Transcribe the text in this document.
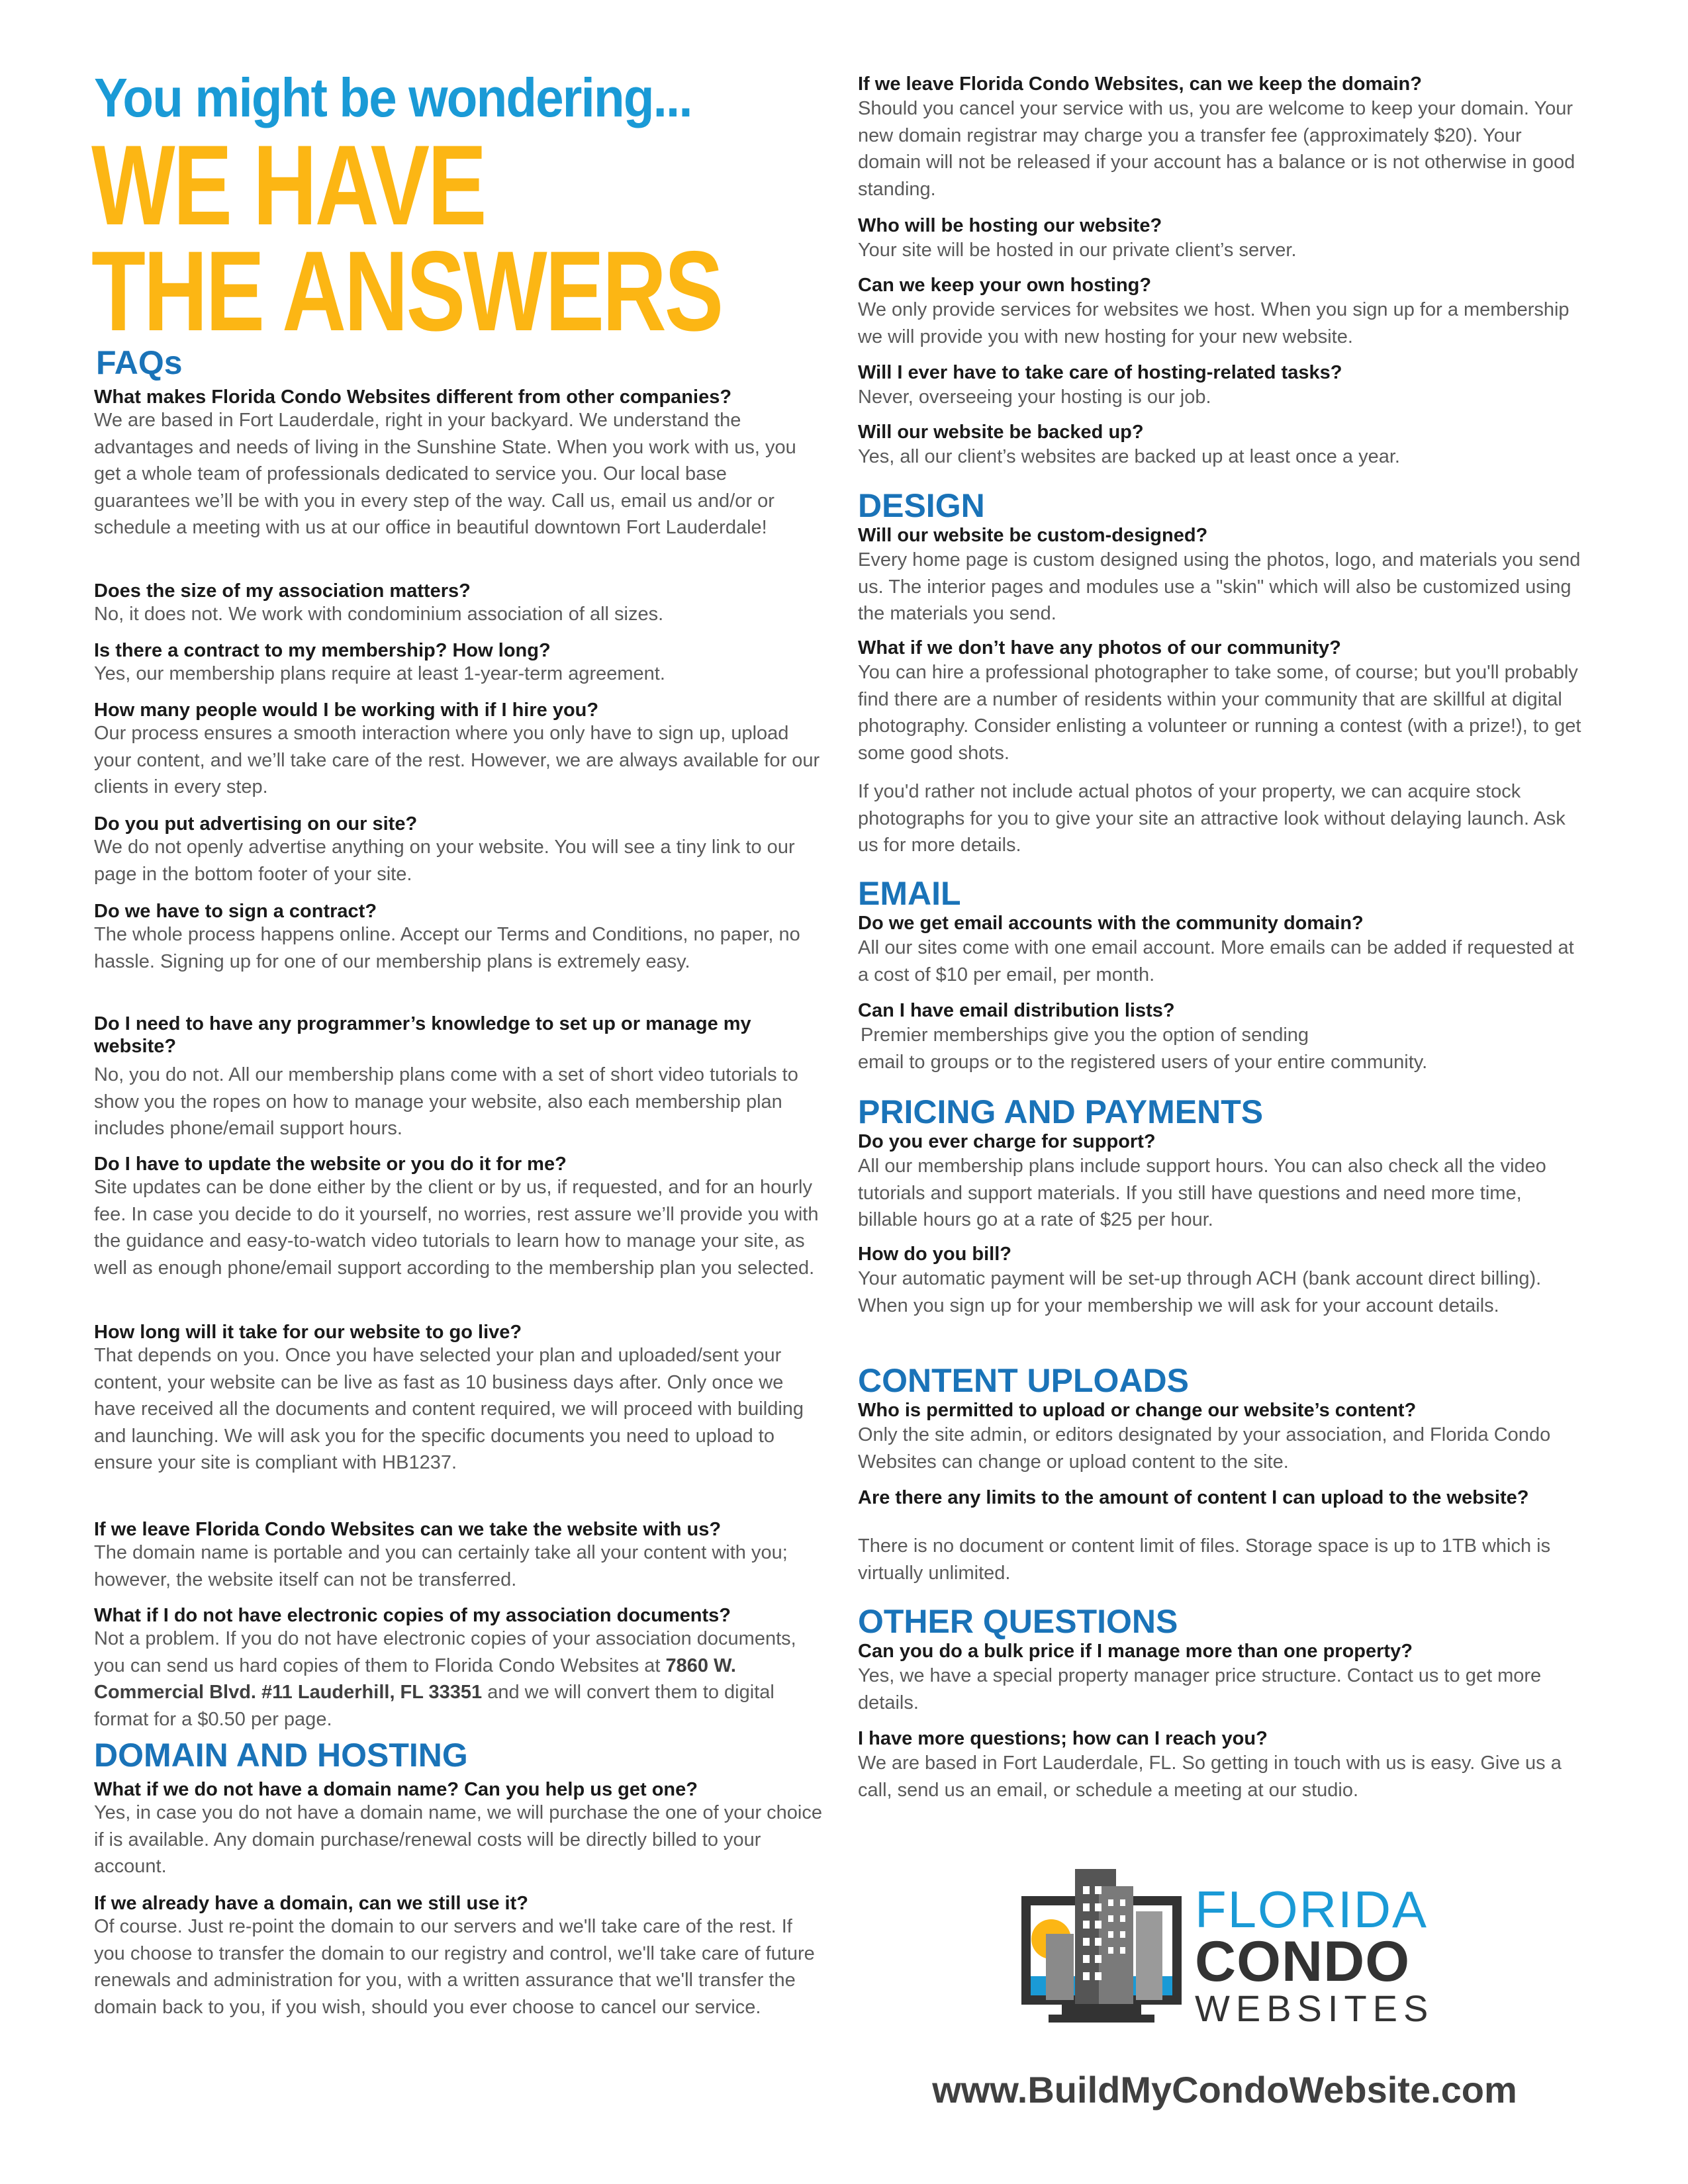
You might be wondering...
WE HAVE
THE ANSWERS
FAQs
What makes Florida Condo Websites different from other companies?
We are based in Fort Lauderdale, right in your backyard. We understand the advantages and needs of living in the Sunshine State. When you work with us, you get a whole team of professionals dedicated to service you. Our local base guarantees we’ll be with you in every step of the way. Call us, email us and/or or schedule a meeting with us at our office in beautiful downtown Fort Lauderdale!
Does the size of my association matters?
No, it does not. We work with condominium association of all sizes.
Is there a contract to my membership? How long?
Yes, our membership plans require at least 1-year-term agreement.
How many people would I be working with if I hire you?
Our process ensures a smooth interaction where you only have to sign up, upload your content, and we’ll take care of the rest. However, we are always available for our clients in every step.
Do you put advertising on our site?
We do not openly advertise anything on your website. You will see a tiny link to our page in the bottom footer of your site.
Do we have to sign a contract?
The whole process happens online. Accept our Terms and Conditions, no paper, no hassle. Signing up for one of our membership plans is extremely easy.
Do I need to have any programmer’s knowledge to set up or manage my website?
No, you do not. All our membership plans come with a set of short video tutorials to show you the ropes on how to manage your website, also each membership plan includes phone/email support hours.
Do I have to update the website or you do it for me?
Site updates can be done either by the client or by us, if requested, and for an hourly fee. In case you decide to do it yourself, no worries, rest assure we’ll provide you with the guidance and easy-to-watch video tutorials to learn how to manage your site, as well as enough phone/email support according to the membership plan you selected.
How long will it take for our website to go live?
That depends on you. Once you have selected your plan and uploaded/sent your content, your website can be live as fast as 10 business days after. Only once we have received all the documents and content required, we will proceed with building and launching. We will ask you for the specific documents you need to upload to ensure your site is compliant with HB1237.
If we leave Florida Condo Websites can we take the website with us?
The domain name is portable and you can certainly take all your content with you; however, the website itself can not be transferred.
What if I do not have electronic copies of my association documents?
Not a problem. If you do not have electronic copies of your association documents, you can send us hard copies of them to Florida Condo Websites at 7860 W. Commercial Blvd. #11 Lauderhill, FL 33351 and we will convert them to digital format for a $0.50 per page.
DOMAIN AND HOSTING
What if we do not have a domain name? Can you help us get one?
Yes, in case you do not have a domain name, we will purchase the one of your choice if is available. Any domain purchase/renewal costs will be directly billed to your account.
If we already have a domain, can we still use it?
Of course. Just re-point the domain to our servers and we'll take care of the rest. If you choose to transfer the domain to our registry and control, we'll take care of future renewals and administration for you, with a written assurance that we'll transfer the domain back to you, if you wish, should you ever choose to cancel our service.
If we leave Florida Condo Websites, can we keep the domain?
Should you cancel your service with us, you are welcome to keep your domain. Your new domain registrar may charge you a transfer fee (approximately $20). Your domain will not be released if your account has a balance or is not otherwise in good standing.
Who will be hosting our website?
Your site will be hosted in our private client’s server.
Can we keep your own hosting?
We only provide services for websites we host. When you sign up for a membership we will provide you with new hosting for your new website.
Will I ever have to take care of hosting-related tasks?
Never, overseeing your hosting is our job.
Will our website be backed up?
Yes, all our client’s websites are backed up at least once a year.
DESIGN
Will our website be custom-designed?
Every home page is custom designed using the photos, logo, and materials you send us. The interior pages and modules use a "skin" which will also be customized using the materials you send.
What if we don’t have any photos of our community?
You can hire a professional photographer to take some, of course; but you'll probably find there are a number of residents within your community that are skillful at digital photography. Consider enlisting a volunteer or running a contest (with a prize!), to get some good shots.
If you'd rather not include actual photos of your property, we can acquire stock photographs for you to give your site an attractive look without delaying launch. Ask us for more details.
EMAIL
Do we get email accounts with the community domain?
All our sites come with one email account. More emails can be added if requested at a cost of $10 per email, per month.
Can I have email distribution lists?
Premier memberships give you the option of sending
email to groups or to the registered users of your entire community.
PRICING AND PAYMENTS
Do you ever charge for support?
All our membership plans include support hours. You can also check all the video tutorials and support materials. If you still have questions and need more time, billable hours go at a rate of $25 per hour.
How do you bill?
Your automatic payment will be set-up through ACH (bank account direct billing). When you sign up for your membership we will ask for your account details.
CONTENT UPLOADS
Who is permitted to upload or change our website’s content?
Only the site admin, or editors designated by your association, and Florida Condo Websites can change or upload content to the site.
Are there any limits to the amount of content I can upload to the website?
There is no document or content limit of files. Storage space is up to 1TB which is virtually unlimited.
OTHER QUESTIONS
Can you do a bulk price if I manage more than one property?
Yes, we have a special property manager price structure. Contact us to get more details.
I have more questions; how can I reach you?
We are based in Fort Lauderdale, FL. So getting in touch with us is easy. Give us a call, send us an email, or schedule a meeting at our studio.
FLORIDA
CONDO
WEBSITES
www.BuildMyCondoWebsite.com
